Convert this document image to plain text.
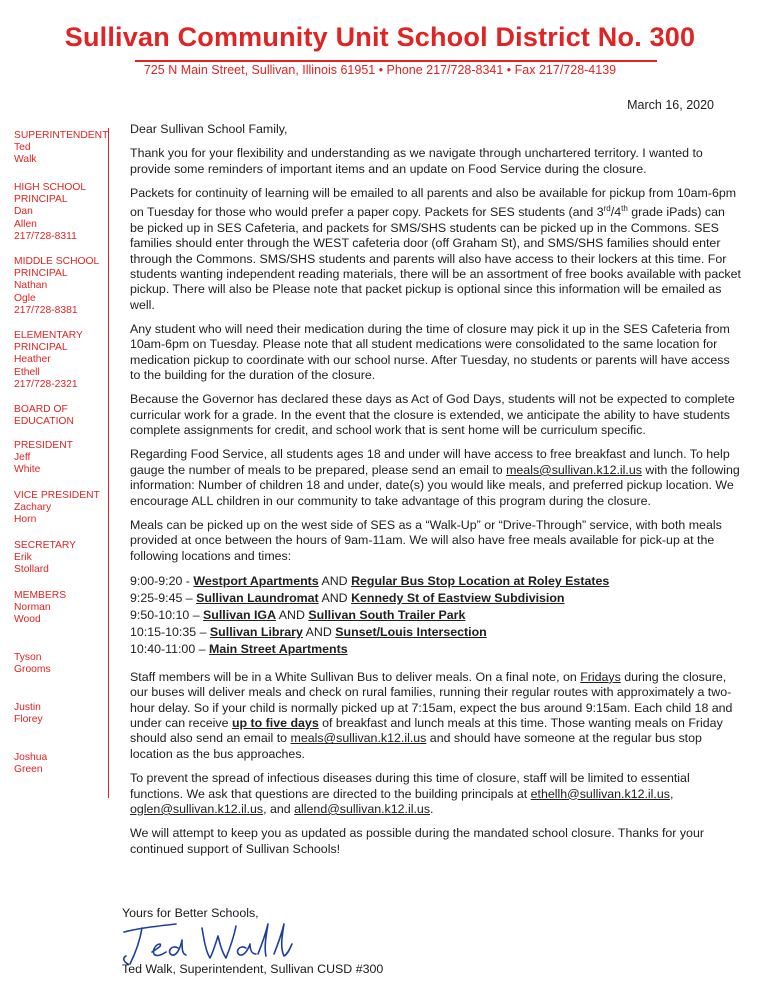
Sullivan Community Unit School District No. 300
725 N Main Street, Sullivan, Illinois 61951 • Phone 217/728-8341 • Fax 217/728-4139
March 16, 2020
SUPERINTENDENT
Ted
Walk
HIGH SCHOOL
PRINCIPAL
Dan
Allen
217/728-8311
MIDDLE SCHOOL
PRINCIPAL
Nathan
Ogle
217/728-8381
ELEMENTARY
PRINCIPAL
Heather
Ethell
217/728-2321
BOARD OF
EDUCATION
PRESIDENT
Jeff
White
VICE PRESIDENT
Zachary
Horn
SECRETARY
Erik
Stollard
MEMBERS
Norman
Wood
Tyson
Grooms
Justin
Florey
Joshua
Green

Dear Sullivan School Family,

Thank you for your flexibility and understanding as we navigate through unchartered territory. I wanted to provide some reminders of important items and an update on Food Service during the closure.

Packets for continuity of learning will be emailed to all parents and also be available for pickup from 10am-6pm on Tuesday for those who would prefer a paper copy. Packets for SES students (and 3rd/4th grade iPads) can be picked up in SES Cafeteria, and packets for SMS/SHS students can be picked up in the Commons. SES families should enter through the WEST cafeteria door (off Graham St), and SMS/SHS families should enter through the Commons. SMS/SHS students and parents will also have access to their lockers at this time. For students wanting independent reading materials, there will be an assortment of free books available with packet pickup. There will also be Please note that packet pickup is optional since this information will be emailed as well.

Any student who will need their medication during the time of closure may pick it up in the SES Cafeteria from 10am-6pm on Tuesday. Please note that all student medications were consolidated to the same location for medication pickup to coordinate with our school nurse. After Tuesday, no students or parents will have access to the building for the duration of the closure.

Because the Governor has declared these days as Act of God Days, students will not be expected to complete curricular work for a grade. In the event that the closure is extended, we anticipate the ability to have students complete assignments for credit, and school work that is sent home will be curriculum specific.

Regarding Food Service, all students ages 18 and under will have access to free breakfast and lunch. To help gauge the number of meals to be prepared, please send an email to meals@sullivan.k12.il.us with the following information: Number of children 18 and under, date(s) you would like meals, and preferred pickup location. We encourage ALL children in our community to take advantage of this program during the closure.

Meals can be picked up on the west side of SES as a “Walk-Up” or “Drive-Through” service, with both meals provided at once between the hours of 9am-11am. We will also have free meals available for pick-up at the following locations and times:

9:00-9:20 - Westport Apartments AND Regular Bus Stop Location at Roley Estates
9:25-9:45 – Sullivan Laundromat AND Kennedy St of Eastview Subdivision
9:50-10:10 – Sullivan IGA AND Sullivan South Trailer Park
10:15-10:35 – Sullivan Library AND Sunset/Louis Intersection
10:40-11:00 – Main Street Apartments

Staff members will be in a White Sullivan Bus to deliver meals. On a final note, on Fridays during the closure, our buses will deliver meals and check on rural families, running their regular routes with approximately a two-hour delay. So if your child is normally picked up at 7:15am, expect the bus around 9:15am. Each child 18 and under can receive up to five days of breakfast and lunch meals at this time. Those wanting meals on Friday should also send an email to meals@sullivan.k12.il.us and should have someone at the regular bus stop location as the bus approaches.

To prevent the spread of infectious diseases during this time of closure, staff will be limited to essential functions. We ask that questions are directed to the building principals at ethellh@sullivan.k12.il.us, oglen@sullivan.k12.il.us, and allend@sullivan.k12.il.us.

We will attempt to keep you as updated as possible during the mandated school closure. Thanks for your continued support of Sullivan Schools!

Yours for Better Schools,
Ted Walk
Ted Walk, Superintendent, Sullivan CUSD #300
